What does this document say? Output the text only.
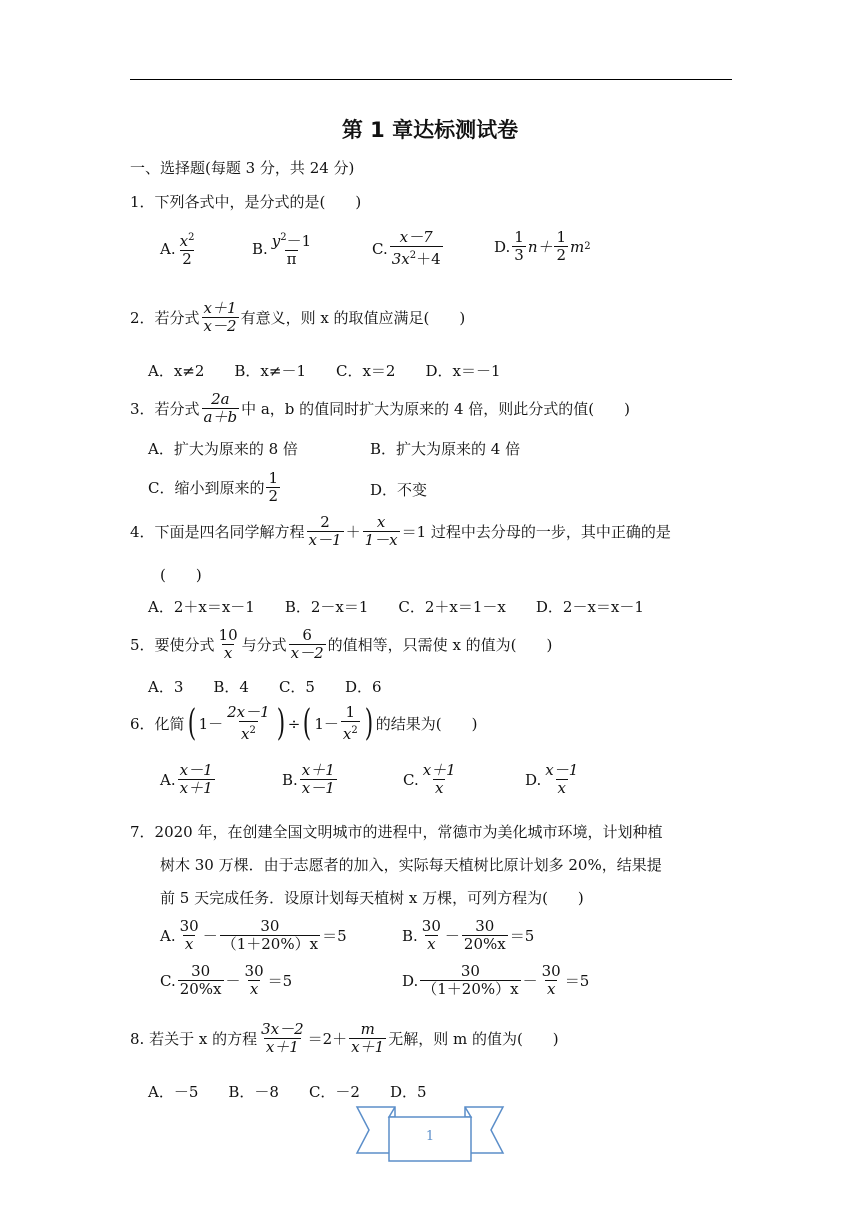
第 1 章达标测试卷
一、选择题(每题 3 分，共 24 分)
1．下列各式中，是分式的是(　　)
A. $\frac{x^2}{2}$	B. $\frac{y^2-1}{\pi}$	C. $\frac{x-7}{3x^2+4}$	D. $\frac{1}{3} n+ \frac{1}{2}$ m 2
2．若分式 $\frac{x+1}{x-2}$ 有意义，则 x 的取值应满足(　　)
A．x≠2　　B．x≠－1　　C．x＝2　　D．x＝－1
3．若分式 $\frac{2a}{a+b}$ 中 a，b 的值同时扩大为原来的 4 倍，则此分式的值(　　)
A．扩大为原来的 8 倍	B．扩大为原来的 4 倍
C．缩小到原来的 $\frac{1}{2}$	D．不变
4．下面是四名同学解方程 $\frac{2}{x-1} + \frac{x}{1-x} =1$ 过程中去分母的一步，其中正确的是
(　　)
A．2＋x＝x－1　　B．2－x＝1　　C．2＋x＝1－x　　D．2－x＝x－1
5．要使分式 $\frac{10}{x}$ 与分式 $\frac{6}{x-2}$ 的值相等，只需使 x 的值为(　　)
A．3　　B．4　　C．5　　D．6
6．化简 ( $1- \frac{2x-1}{x^2}$ ) ÷ ( $1- \frac{1}{x^2}$ ) 的结果为(　　)
A. $\frac{x-1}{x+1}$	B. $\frac{x+1}{x-1}$	C. $\frac{x+1}{x}$	D. $\frac{x-1}{x}$
7．2020 年，在创建全国文明城市的进程中，常德市为美化城市环境，计划种植
树木 30 万棵．由于志愿者的加入，实际每天植树比原计划多 20%，结果提
前 5 天完成任务．设原计划每天植树 x 万棵，可列方程为(　　)
A. $\frac{30}{x} - \frac{30}{(1+20\%)x} =5$	B. $\frac{30}{x} - \frac{30}{20\%x} =5$
C. $\frac{30}{20\%x} - \frac{30}{x} =5$	D. $\frac{30}{(1+20\%)x} - \frac{30}{x} =5$
8. 若关于 x 的方程 $\frac{3x-2}{x+1} =2+ \frac{m}{x+1}$ 无解，则 m 的值为(　　)
A．－5　　B．－8　　C．－2　　D．5
1
